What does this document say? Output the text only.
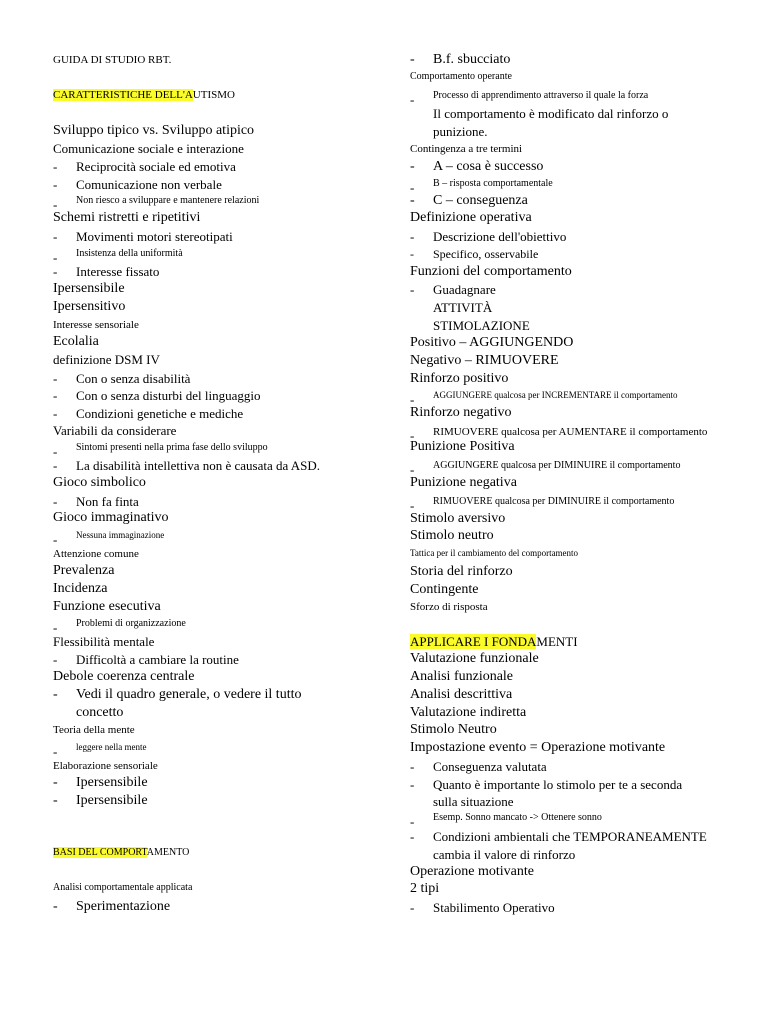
GUIDA DI STUDIO RBT.
CARATTERISTICHE DELL'AUTISMO
Sviluppo tipico vs. Sviluppo atipico
Comunicazione sociale e interazione
- Reciprocità sociale ed emotiva
- Comunicazione non verbale
- Non riesco a sviluppare e mantenere relazioni
Schemi ristretti e ripetitivi
- Movimenti motori stereotipati
- Insistenza della uniformità
- Interesse fissato
Ipersensibile
Ipersensitivo
Interesse sensoriale
Ecolalia
definizione DSM IV
- Con o senza disabilità
- Con o senza disturbi del linguaggio
- Condizioni genetiche e mediche
Variabili da considerare
- Sintomi presenti nella prima fase dello sviluppo
- La disabilità intellettiva non è causata da ASD.
Gioco simbolico
- Non fa finta
Gioco immaginativo
- Nessuna immaginazione
Attenzione comune
Prevalenza
Incidenza
Funzione esecutiva
- Problemi di organizzazione
Flessibilità mentale
- Difficoltà a cambiare la routine
Debole coerenza centrale
- Vedi il quadro generale, o vedere il tutto
concetto
Teoria della mente
- leggere nella mente
Elaborazione sensoriale
- Ipersensibile
- Ipersensibile
BASI DEL COMPORTAMENTO
Analisi comportamentale applicata
- Sperimentazione
- B.f. sbucciato
Comportamento operante
- Processo di apprendimento attraverso il quale la forza
Il comportamento è modificato dal rinforzo o
punizione.
Contingenza a tre termini
- A – cosa è successo
- B – risposta comportamentale
- C – conseguenza
Definizione operativa
- Descrizione dell'obiettivo
- Specifico, osservabile
Funzioni del comportamento
- Guadagnare
ATTIVITÀ
STIMOLAZIONE
Positivo – AGGIUNGENDO
Negativo – RIMUOVERE
Rinforzo positivo
- AGGIUNGERE qualcosa per INCREMENTARE il comportamento
Rinforzo negativo
- RIMUOVERE qualcosa per AUMENTARE il comportamento
Punizione Positiva
- AGGIUNGERE qualcosa per DIMINUIRE il comportamento
Punizione negativa
- RIMUOVERE qualcosa per DIMINUIRE il comportamento
Stimolo aversivo
Stimolo neutro
Tattica per il cambiamento del comportamento
Storia del rinforzo
Contingente
Sforzo di risposta
APPLICARE I FONDAMENTI
Valutazione funzionale
Analisi funzionale
Analisi descrittiva
Valutazione indiretta
Stimolo Neutro
Impostazione evento = Operazione motivante
- Conseguenza valutata
- Quanto è importante lo stimolo per te a seconda
sulla situazione
- Esemp. Sonno mancato -> Ottenere sonno
- Condizioni ambientali che TEMPORANEAMENTE
cambia il valore di rinforzo
Operazione motivante
2 tipi
- Stabilimento Operativo
